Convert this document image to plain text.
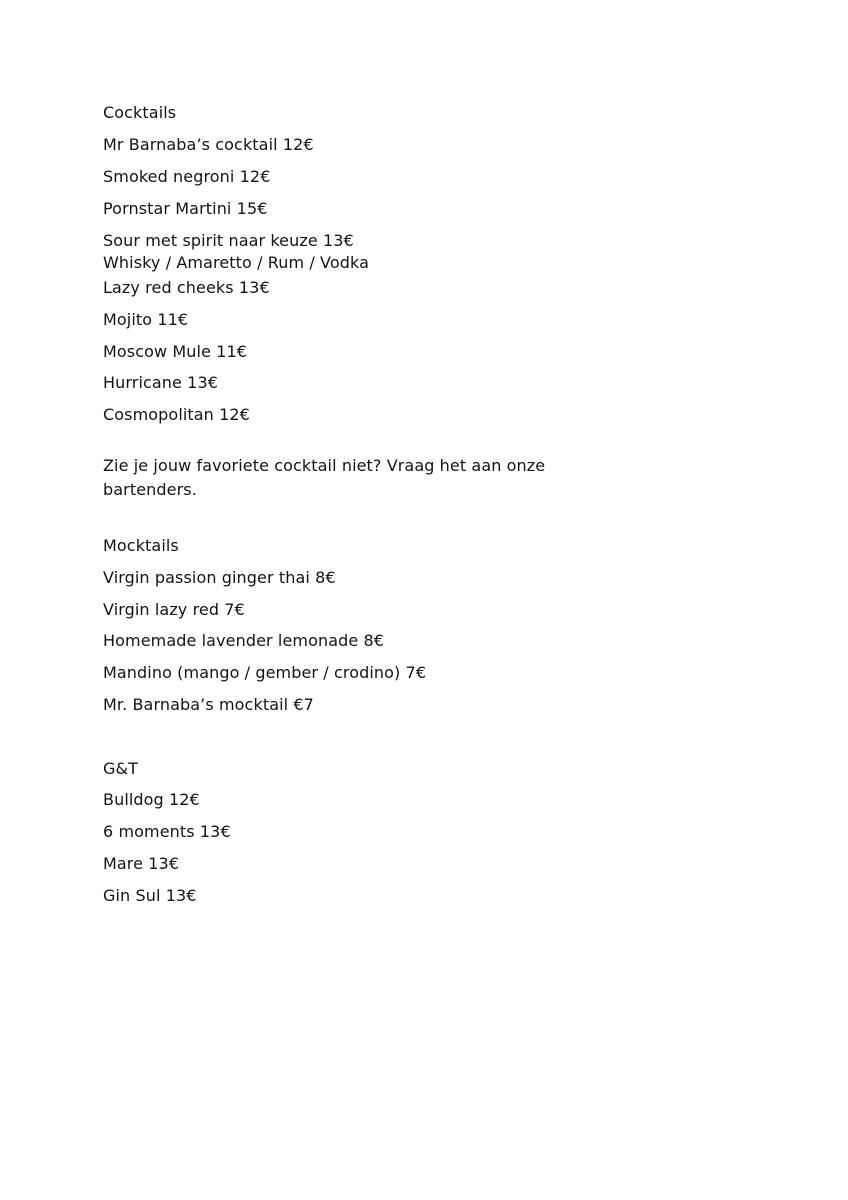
Cocktails
Mr Barnaba’s cocktail 12€
Smoked negroni 12€
Pornstar Martini 15€
Sour met spirit naar keuze 13€
Whisky / Amaretto / Rum / Vodka
Lazy red cheeks 13€
Mojito 11€
Moscow Mule 11€
Hurricane 13€
Cosmopolitan 12€
Zie je jouw favoriete cocktail niet? Vraag het aan onze bartenders.
Mocktails
Virgin passion ginger thai 8€
Virgin lazy red 7€
Homemade lavender lemonade 8€
Mandino (mango / gember / crodino) 7€
Mr. Barnaba’s mocktail €7
G&T
Bulldog 12€
6 moments 13€
Mare 13€
Gin Sul 13€
